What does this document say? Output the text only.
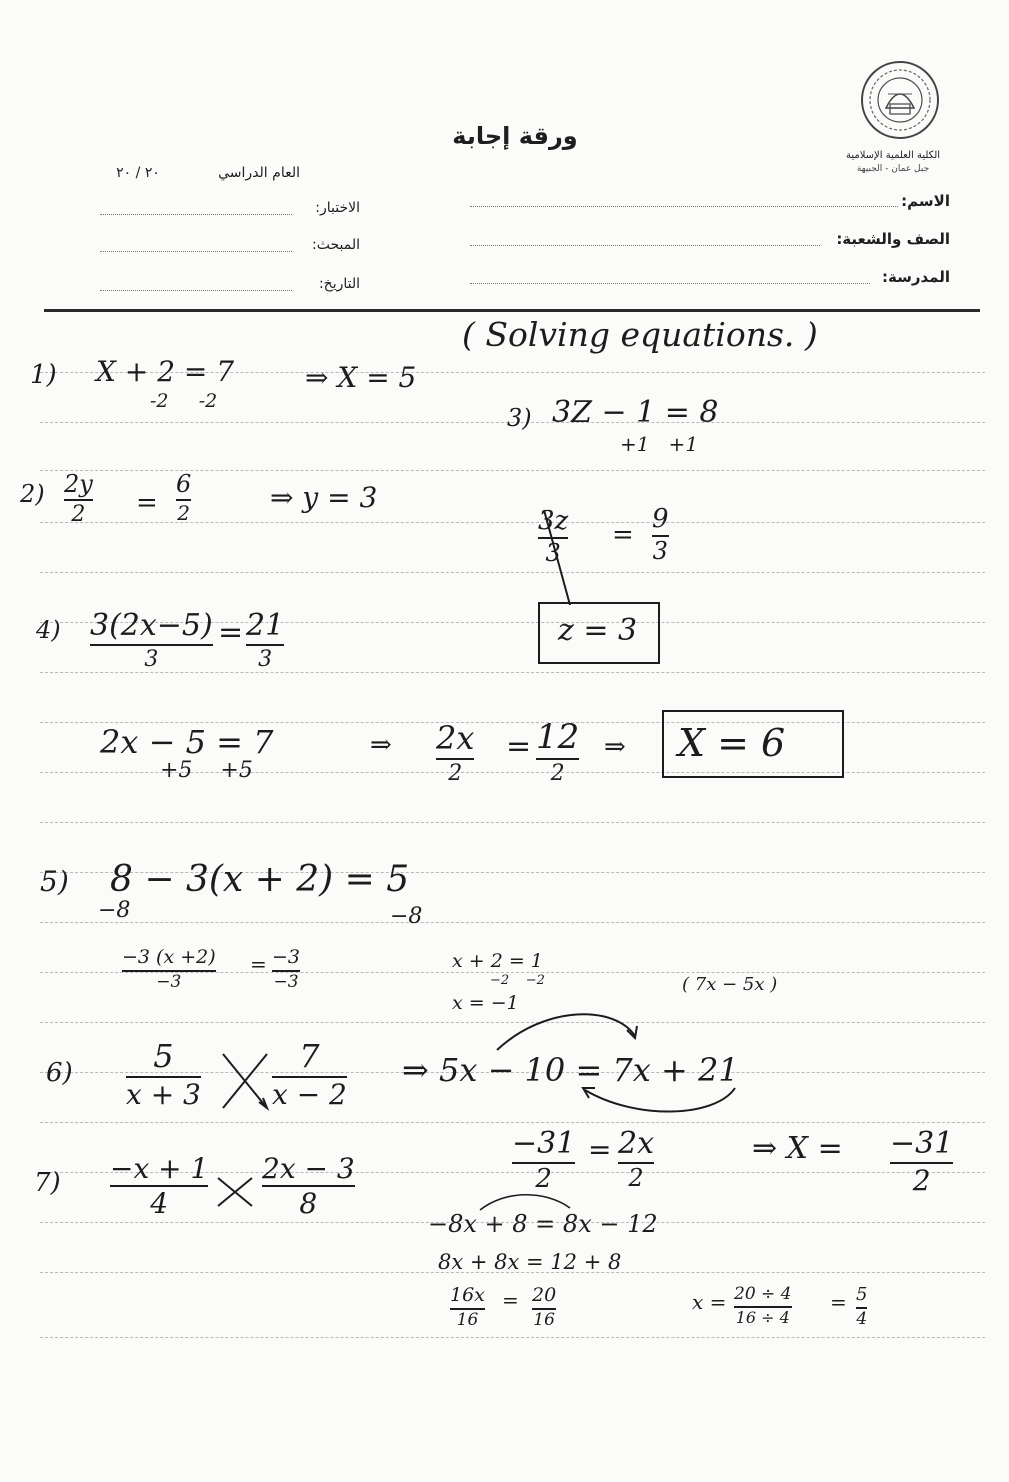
الكلية العلمية الإسلامية
جبل عمان - الجبيهة
ورقة إجابة
العام الدراسي
٢٠ / ٢٠
الاسم:
الصف والشعبة:
المدرسة:
الاختبار:
المبحث:
التاريخ:
( Solving equations. )
1) X + 2 = 7
-2     -2
⇒ X = 5
3) 3Z − 1 = 8
+1   +1
2) 2y
2 =
6
2	⇒ y = 3
3z
3
=
9
3
z = 3
4) 3(2x−5)
3
= 21
3
2x − 5 = 7
+5    +5
⇒ 2x
2
= 12
2
⇒ X = 6
5) 8 − 3(x + 2) = 5
−8	−8
−3 (x +2)
−3
= −3
−3
x + 2 = 1
−2    −2
x = −1
( 7x − 5x )
6)	5
x + 3
7
x − 2
⇒ 5x − 10 = 7x + 21
7) −x + 1
4
2x − 3
8
−31
2
= 2x
2
⇒ X = −31
2
−8x + 8 = 8x − 12
8x + 8x = 12 + 8
16x
16
= 20
16
x = 20 ÷ 4
16 ÷ 4
= 5
4
